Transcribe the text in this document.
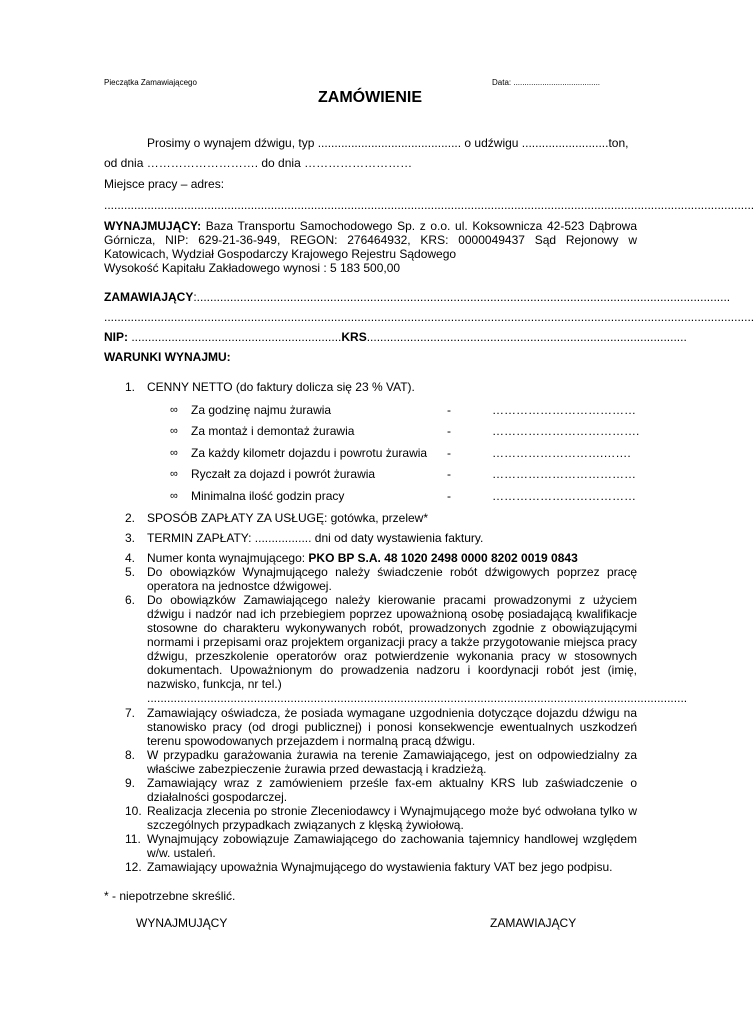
Pieczątka Zamawiającego	Data: .......................................
ZAMÓWIENIE
Prosimy o wynajem dźwigu, typ ........................................... o udźwigu ..........................ton,
od dnia ………………………. do dnia ………………………
Miejsce pracy – adres:
...................................................................................................................................................................................................
WYNAJMUJĄCY: Baza Transportu Samochodowego Sp. z o.o. ul. Koksownicza 42-523 Dąbrowa Górnicza, NIP: 629-21-36-949, REGON: 276464932, KRS: 0000049437 Sąd Rejonowy w Katowicach, Wydział Gospodarczy Krajowego Rejestru Sądowego
Wysokość Kapitału Zakładowego wynosi : 5 183 500,00
ZAMAWIAJĄCY:................................................................................................................................................................
...................................................................................................................................................................................................
NIP: ...............................................................KRS................................................................................................
WARUNKI WYNAJMU:
1. CENNY NETTO (do faktury dolicza się 23 % VAT).
∞ Za godzinę najmu żurawia	-	………………………………
∞ Za montaż i demontaż żurawia	-	……………………………….
∞ Za każdy kilometr dojazdu i powrotu żurawia -	……………………….…….
∞ Ryczałt za dojazd i powrót żurawia	-	………………………………
∞ Minimalna ilość godzin pracy	-	………………………………
2. SPOSÓB ZAPŁATY ZA USŁUGĘ: gotówka, przelew*
3. TERMIN ZAPŁATY: ................. dni od daty wystawienia faktury.
4. Numer konta wynajmującego: PKO BP S.A. 48 1020 2498 0000 8202 0019 0843
5. Do obowiązków Wynajmującego należy świadczenie robót dźwigowych poprzez pracę operatora na jednostce dźwigowej.
6. Do obowiązków Zamawiającego należy kierowanie pracami prowadzonymi z użyciem dźwigu i nadzór nad ich przebiegiem poprzez upoważnioną osobę posiadającą kwalifikacje stosowne do charakteru wykonywanych robót, prowadzonych zgodnie z obowiązującymi normami i przepisami oraz projektem organizacji pracy a także przygotowanie miejsca pracy dźwigu, przeszkolenie operatorów oraz potwierdzenie wykonania pracy w stosownych dokumentach. Upoważnionym do prowadzenia nadzoru i koordynacji robót jest (imię, nazwisko, funkcja, nr tel.)
..................................................................................................................................................................
7. Zamawiający oświadcza, że posiada wymagane uzgodnienia dotyczące dojazdu dźwigu na stanowisko pracy (od drogi publicznej) i ponosi konsekwencje ewentualnych uszkodzeń terenu spowodowanych przejazdem i normalną pracą dźwigu.
8. W przypadku garażowania żurawia na terenie Zamawiającego, jest on odpowiedzialny za właściwe zabezpieczenie żurawia przed dewastacją i kradzieżą.
9. Zamawiający wraz z zamówieniem prześle fax-em aktualny KRS lub zaświadczenie o działalności gospodarczej.
10. Realizacja zlecenia po stronie Zleceniodawcy i Wynajmującego może być odwołana tylko w szczególnych przypadkach związanych z klęską żywiołową.
11. Wynajmujący zobowiązuje Zamawiającego do zachowania tajemnicy handlowej względem w/w. ustaleń.
12. Zamawiający upoważnia Wynajmującego do wystawienia faktury VAT bez jego podpisu.
* - niepotrzebne skreślić.
WYNAJMUJĄCY	ZAMAWIAJĄCY
